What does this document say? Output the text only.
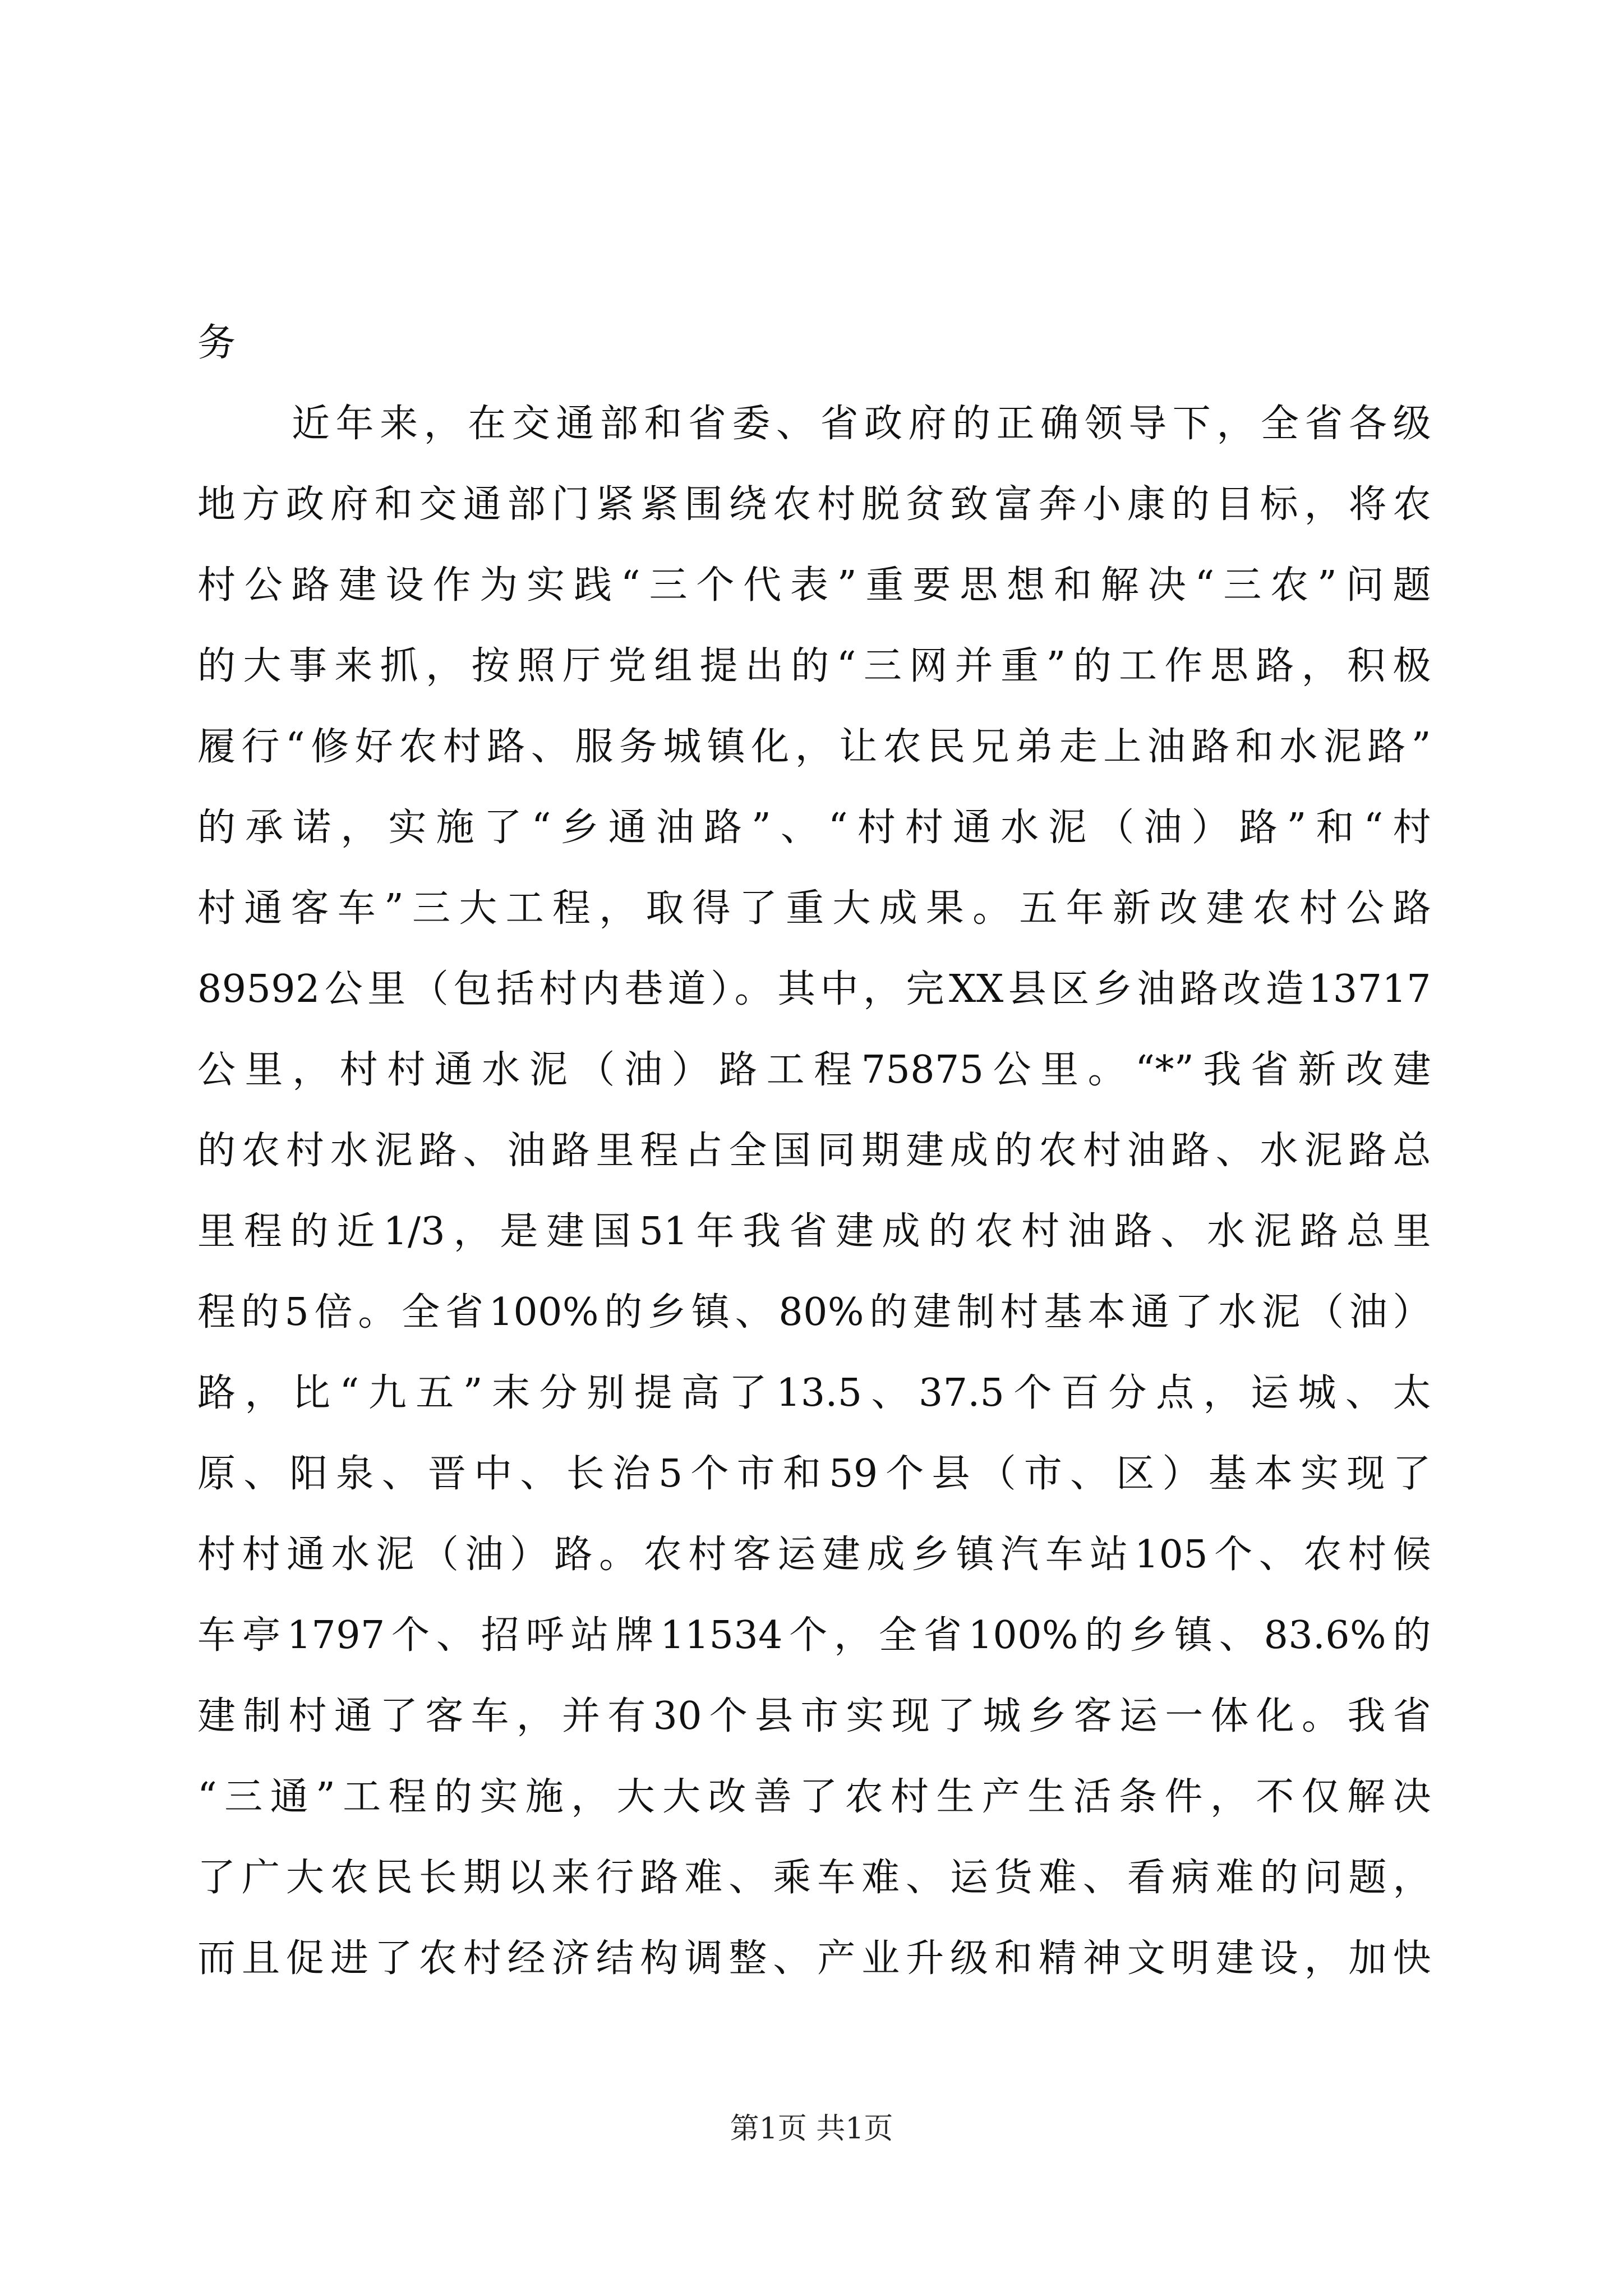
务
近年来，在交通部和省委、省政府的正确领导下，全省各级
地方政府和交通部门紧紧围绕农村脱贫致富奔小康的目标，将农
村公路建设作为实践“三个代表”重要思想和解决“三农”问题
的大事来抓，按照厅党组提出的“三网并重”的工作思路，积极
履行“修好农村路、服务城镇化，让农民兄弟走上油路和水泥路”
的承诺，实施了“乡通油路”、“村村通水泥（油）路”和“村
村通客车”三大工程，取得了重大成果。五年新改建农村公路
89592公里（包括村内巷道）。其中，完XX县区乡油路改造13717
公里，村村通水泥（油）路工程75875公里。“*”我省新改建
的农村水泥路、油路里程占全国同期建成的农村油路、水泥路总
里程的近1/3，是建国51年我省建成的农村油路、水泥路总里
程的5倍。全省100%的乡镇、80%的建制村基本通了水泥（油）
路，比“九五”末分别提高了13.5、37.5个百分点，运城、太
原、阳泉、晋中、长治5个市和59个县（市、区）基本实现了
村村通水泥（油）路。农村客运建成乡镇汽车站105个、农村候
车亭1797个、招呼站牌11534个，全省100%的乡镇、83.6%的
建制村通了客车，并有30个县市实现了城乡客运一体化。我省
“三通”工程的实施，大大改善了农村生产生活条件，不仅解决
了广大农民长期以来行路难、乘车难、运货难、看病难的问题，
而且促进了农村经济结构调整、产业升级和精神文明建设，加快
第1页 共1页
